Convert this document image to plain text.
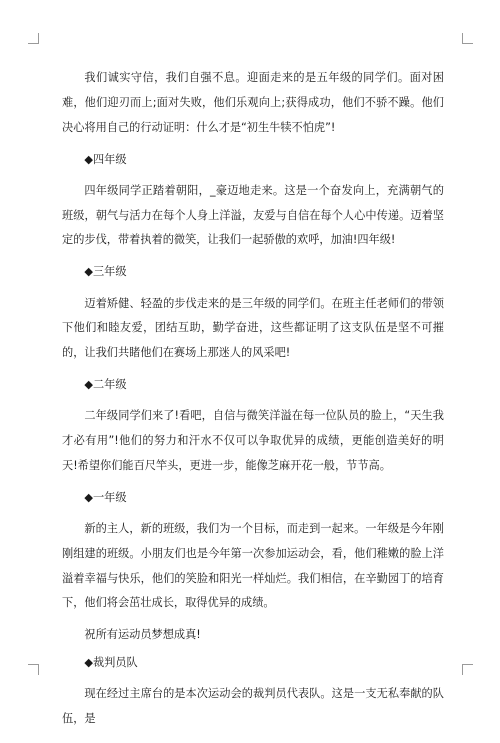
我们诚实守信，我们自强不息。迎面走来的是五年级的同学们。面对困难，他们迎刃而上;面对失败，他们乐观向上;获得成功，他们不骄不躁。他们决心将用自己的行动证明：什么才是“初生牛犊不怕虎”!

◆四年级

四年级同学正踏着朝阳，_豪迈地走来。这是一个奋发向上，充满朝气的班级，朝气与活力在每个人身上洋溢，友爱与自信在每个人心中传递。迈着坚定的步伐，带着执着的微笑，让我们一起骄傲的欢呼，加油!四年级!

◆三年级

迈着矫健、轻盈的步伐走来的是三年级的同学们。在班主任老师们的带领下他们和睦友爱，团结互助，勤学奋进，这些都证明了这支队伍是坚不可摧的，让我们共睹他们在赛场上那迷人的风采吧!

◆二年级

二年级同学们来了!看吧，自信与微笑洋溢在每一位队员的脸上，“天生我才必有用”!他们的努力和汗水不仅可以争取优异的成绩，更能创造美好的明天!希望你们能百尺竿头，更进一步，能像芝麻开花一般，节节高。

◆一年级

新的主人，新的班级，我们为一个目标，而走到一起来。一年级是今年刚刚组建的班级。小朋友们也是今年第一次参加运动会，看，他们稚嫩的脸上洋溢着幸福与快乐，他们的笑脸和阳光一样灿烂。我们相信，在辛勤园丁的培育下，他们将会茁壮成长，取得优异的成绩。

祝所有运动员梦想成真!

◆裁判员队

现在经过主席台的是本次运动会的裁判员代表队。这是一支无私奉献的队伍，是
